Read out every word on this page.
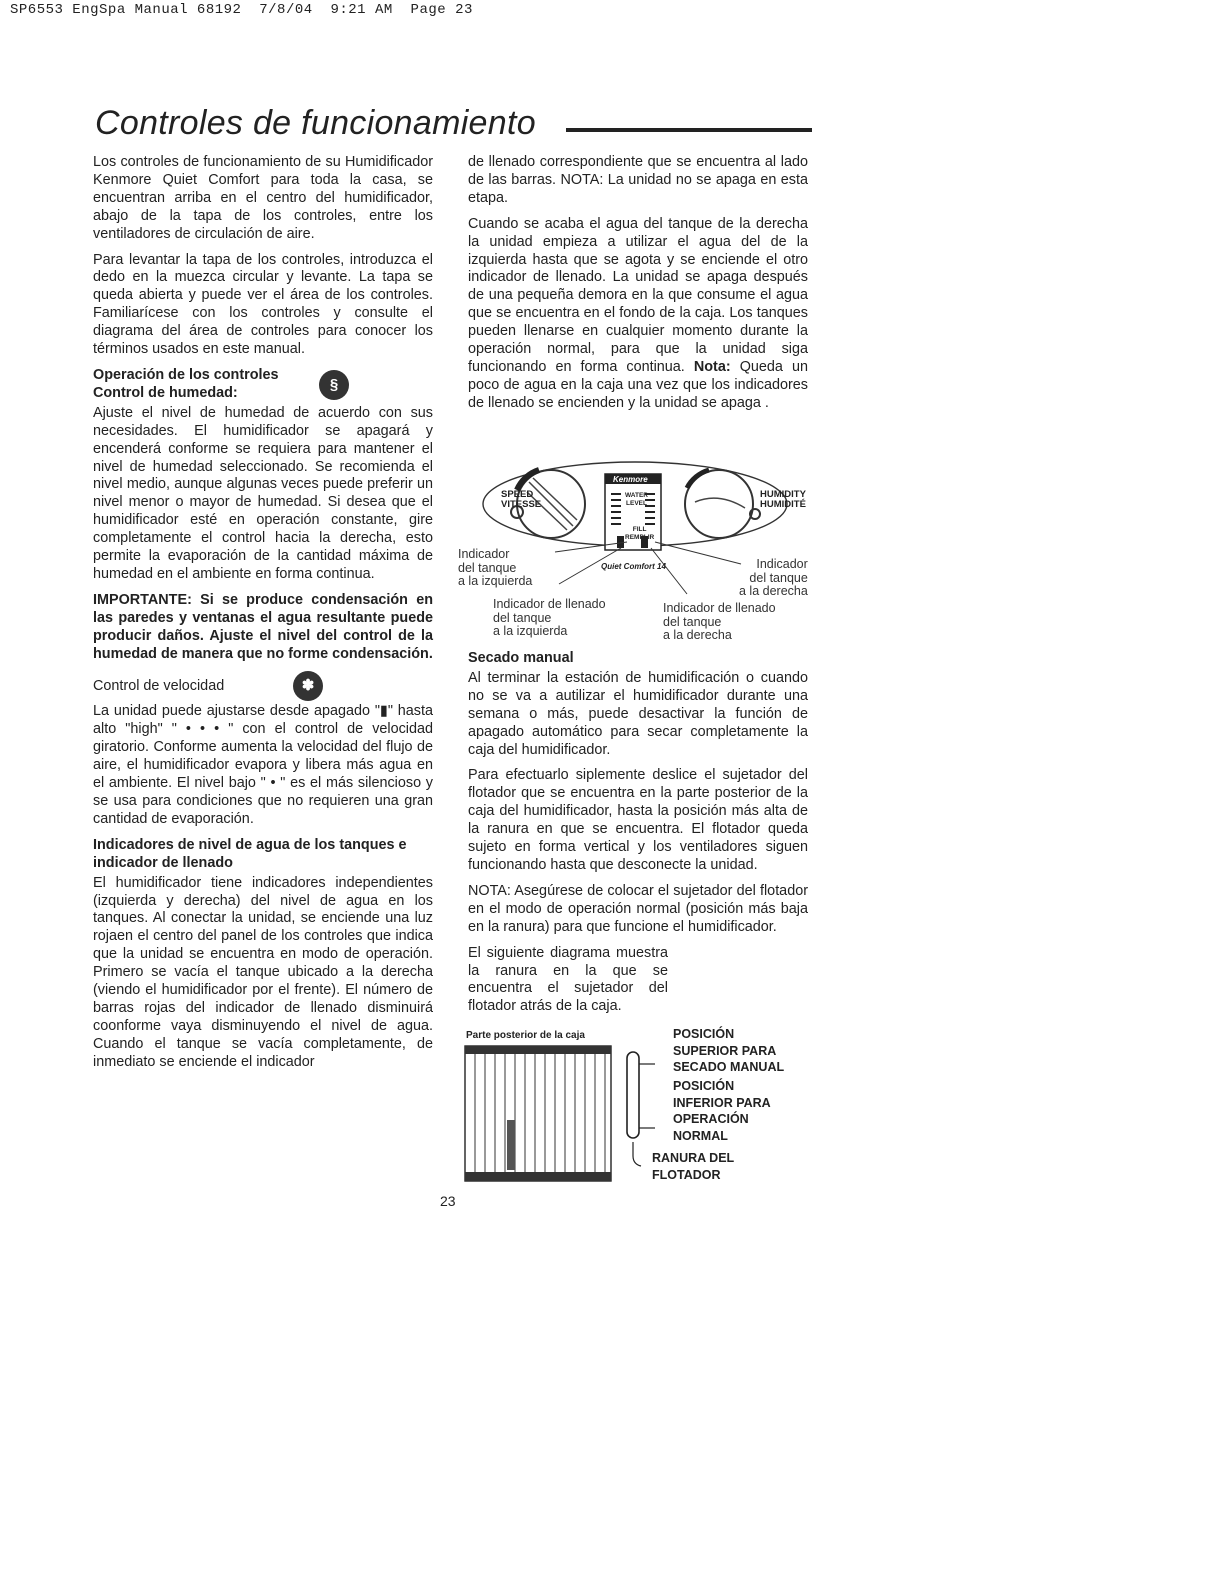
SP6553 EngSpa Manual 68192  7/8/04  9:21 AM  Page 23
Controles de funcionamiento

Los controles de funcionamiento de su Humidificador Kenmore Quiet Comfort para toda la casa, se encuentran arriba en el centro del humidificador, abajo de la tapa de los controles, entre los ventiladores de circulación de aire.

Para levantar la tapa de los controles, introduzca el dedo en la muezca circular y levante. La tapa se queda abierta y puede ver el área de los controles. Familiarícese con los controles y consulte el diagrama del área de controles para conocer los términos usados en este manual.

Operación de los controles
Control de humedad:	§

Ajuste el nivel de humedad de acuerdo con sus necesidades. El humidificador se apagará y encenderá conforme se requiera para mantener el nivel de humedad seleccionado. Se recomienda el nivel medio, aunque algunas veces puede preferir un nivel menor o mayor de humedad. Si desea que el humidificador esté en operación constante, gire completamente el control hacia la derecha, esto permite la evaporación de la cantidad máxima de humedad en el ambiente en forma continua.

IMPORTANTE: Si se produce condensación en las paredes y ventanas el agua resultante puede producir daños. Ajuste el nivel del control de la humedad de manera que no forme condensación.

Control de velocidad	✽

La unidad puede ajustarse desde apagado "▮" hasta alto "high" " • • • " con el control de velocidad giratorio. Conforme aumenta la velocidad del flujo de aire, el humidificador evapora y libera más agua en el ambiente. El nivel bajo " • " es el más silencioso y se usa para condiciones que no requieren una gran cantidad de evaporación.

Indicadores de nivel de agua de los tanques e indicador de llenado

El humidificador tiene indicadores independientes (izquierda y derecha) del nivel de agua en los tanques. Al conectar la unidad, se enciende una luz rojaen el centro del panel de los controles que indica que la unidad se encuentra en modo de operación. Primero se vacía el tanque ubicado a la derecha (viendo el humidificador por el frente). El número de barras rojas del indicador de llenado disminuirá coonforme vaya disminuyendo el nivel de agua. Cuando el tanque se vacía completamente, de inmediato se enciende el indicador

de llenado correspondiente que se encuentra al lado de las barras. NOTA: La unidad no se apaga en esta etapa.

Cuando se acaba el agua del tanque de la derecha la unidad empieza a utilizar el agua del de la izquierda hasta que se agota y se enciende el otro indicador de llenado. La unidad se apaga después de una pequeña demora en la que consume el agua que se encuentra en el fondo de la caja. Los tanques pueden llenarse en cualquier momento durante la operación normal, para que la unidad siga funcionando en forma continua. Nota: Queda un poco de agua en la caja una vez que los indicadores de llenado se encienden y la unidad se apaga .

SPEED
VITESSE
HUMIDITY
HUMIDITÉ
WATER
LEVEL
FILL
REMPLIR
Kenmore
Quiet Comfort 14
Indicador
del tanque
a la izquierda
Indicador
del tanque
a la derecha
Indicador de llenado
del tanque
a la izquierda
Indicador de llenado
del tanque
a la derecha
Secado manual

Al terminar la estación de humidificación o cuando no se va a autilizar el humidificador durante una semana o más, puede desactivar la función de apagado automático para secar completamente la caja del humidificador.

Para efectuarlo siplemente deslice el sujetador del flotador que se encuentra en la parte posterior de la caja del humidificador, hasta la posición más alta de la ranura en que se encuentra. El flotador queda sujeto en forma vertical y los ventiladores siguen funcionando hasta que desconecte la unidad.

NOTA: Asegúrese de colocar el sujetador del flotador en el modo de operación normal (posición más baja en la ranura) para que funcione el humidificador.

El siguiente diagrama muestra la ranura en la que se encuentra el sujetador del flotador atrás de la caja.

Parte posterior de la caja	POSICIÓN
SUPERIOR PARA
SECADO MANUAL
POSICIÓN
INFERIOR PARA
OPERACIÓN
NORMAL
RANURA DEL
FLOTADOR
23
